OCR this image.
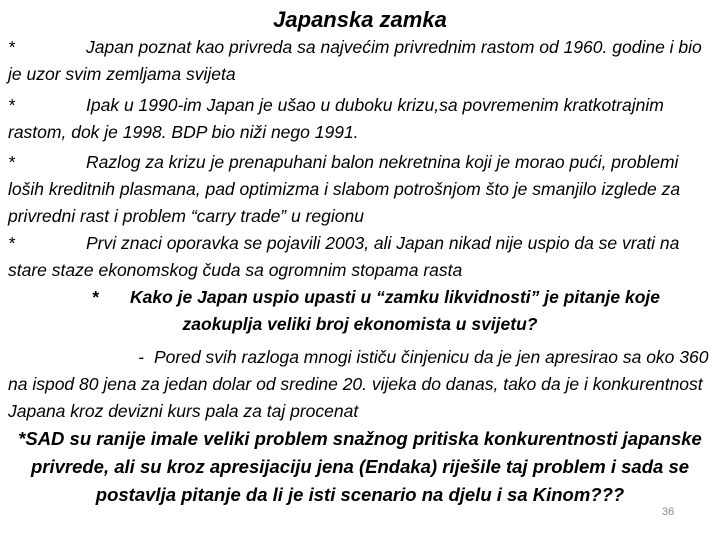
Japanska zamka
*	Japan poznat kao privreda sa najvećim privrednim rastom od 1960. godine i bio je uzor svim zemljama svijeta
*	Ipak u 1990-im Japan je ušao u duboku krizu,sa povremenim kratkotrajnim rastom, dok je 1998. BDP bio niži nego 1991.
*	Razlog za krizu je prenapuhani balon nekretnina koji je morao pući, problemi loših kreditnih plasmana, pad optimizma i slabom potrošnjom što je smanjilo izglede za privredni rast i problem “carry trade” u regionu
*	Prvi znaci oporavka se pojavili 2003, ali Japan nikad nije uspio da se vrati na stare staze ekonomskog čuda sa ogromnim stopama rasta
* Kako je Japan uspio upasti u “zamku likvidnosti” je pitanje koje zaokuplja veliki broj ekonomista u svijetu?
- Pored svih razloga mnogi ističu činjenicu da je jen apresirao sa oko 360 na ispod 80 jena za jedan dolar od sredine 20. vijeka do danas, tako da je i konkurentnost Japana kroz devizni kurs pala za taj procenat
*SAD su ranije imale veliki problem snažnog pritiska konkurentnosti japanske privrede, ali su kroz apresijaciju jena (Endaka) riješile taj problem i sada se postavlja pitanje da li je isti scenario na djelu i sa Kinom???
36
